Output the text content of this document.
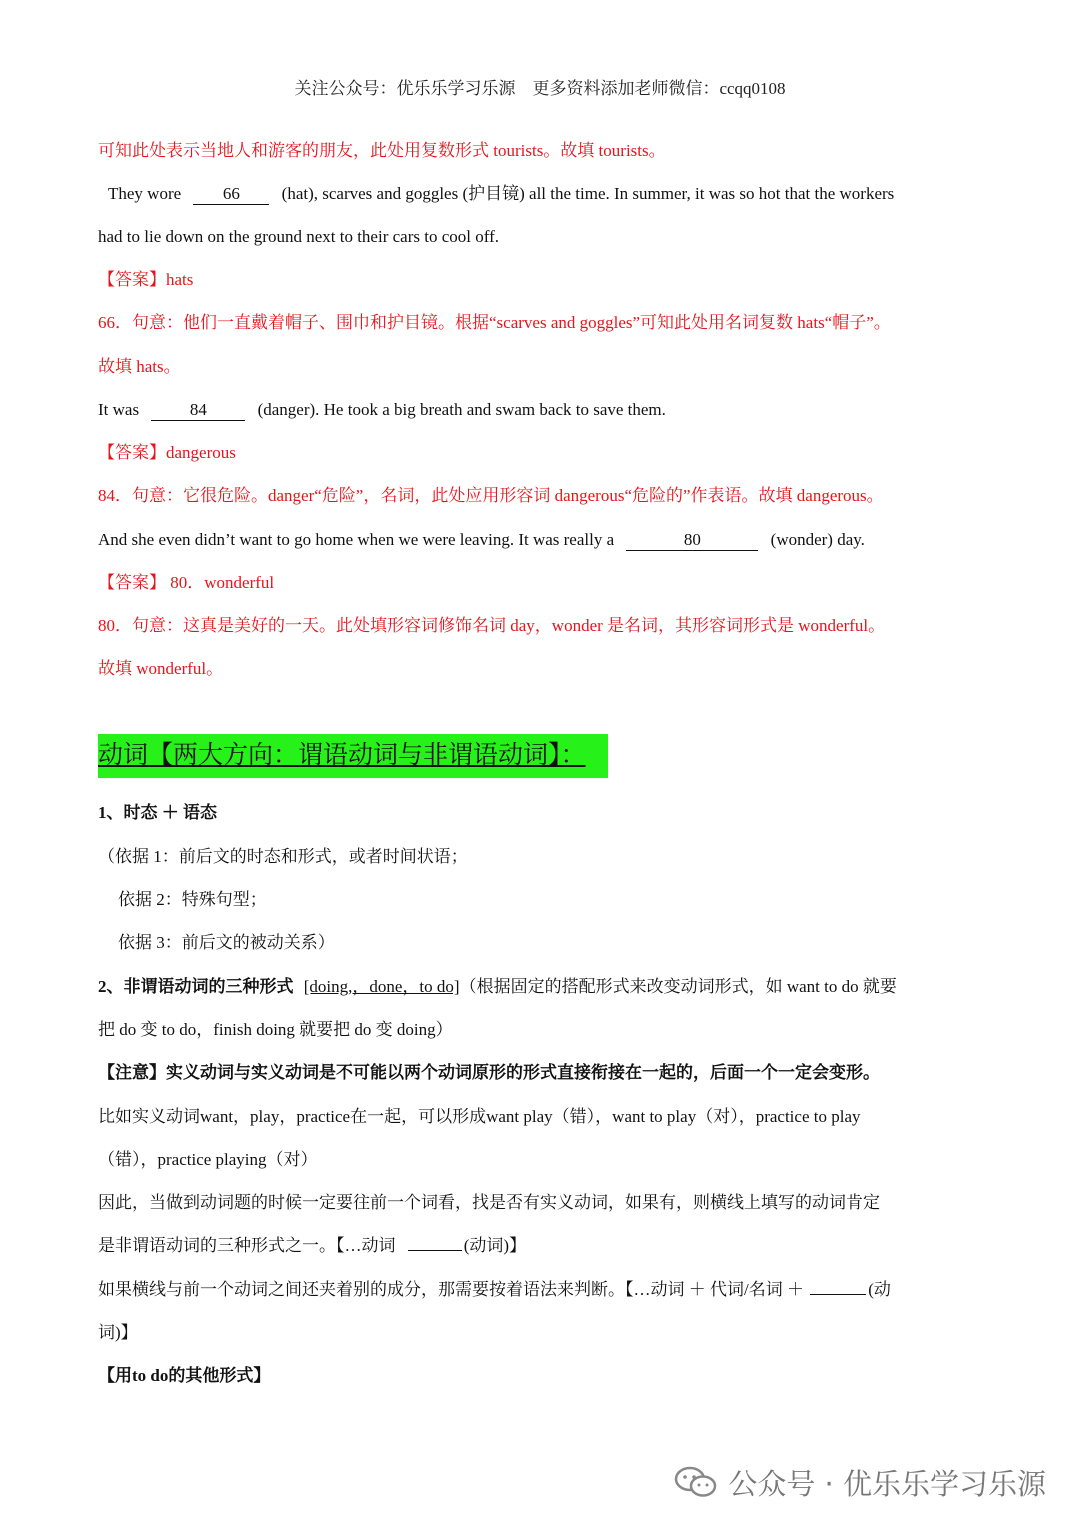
关注公众号：优乐乐学习乐源　更多资料添加老师微信：ccqq0108
可知此处表示当地人和游客的朋友，此处用复数形式 tourists。故填 tourists。
They wore 66 (hat), scarves and goggles (护目镜) all the time. In summer, it was so hot that the workers
had to lie down on the ground next to their cars to cool off.
【答案】hats
66．句意：他们一直戴着帽子、围巾和护目镜。根据“scarves and goggles”可知此处用名词复数 hats“帽子”。
故填 hats。
It was	84	(danger). He took a big breath and swam back to save them.
【答案】dangerous
84．句意：它很危险。danger“危险”，名词，此处应用形容词 dangerous“危险的”作表语。故填 dangerous。
And she even didn’t want to go home when we were leaving. It was really a	80	(wonder) day.
【答案】 80．wonderful
80．句意：这真是美好的一天。此处填形容词修饰名词 day，wonder 是名词，其形容词形式是 wonderful。
故填 wonderful。
动词【两大方向：谓语动词与非谓语动词】：
1、时态 ＋ 语态
（依据 1：前后文的时态和形式，或者时间状语；
依据 2：特殊句型；
依据 3：前后文的被动关系）
2、非谓语动词的三种形式 [doing,，done，to do]（根据固定的搭配形式来改变动词形式，如 want to do 就要
把 do 变 to do，finish doing 就要把 do 变 doing）
【注意】实义动词与实义动词是不可能以两个动词原形的形式直接衔接在一起的，后面一个一定会变形。
比如实义动词want，play，practice在一起，可以形成want play（错），want to play（对），practice to play
（错），practice playing（对）
因此，当做到动词题的时候一定要往前一个词看，找是否有实义动词，如果有，则横线上填写的动词肯定
是非谓语动词的三种形式之一。【…动词	(动词)】
如果横线与前一个动词之间还夹着别的成分，那需要按着语法来判断。【…动词 ＋ 代词/名词 ＋	(动
词)】
【用to do的其他形式】
公众号 · 优乐乐学习乐源
